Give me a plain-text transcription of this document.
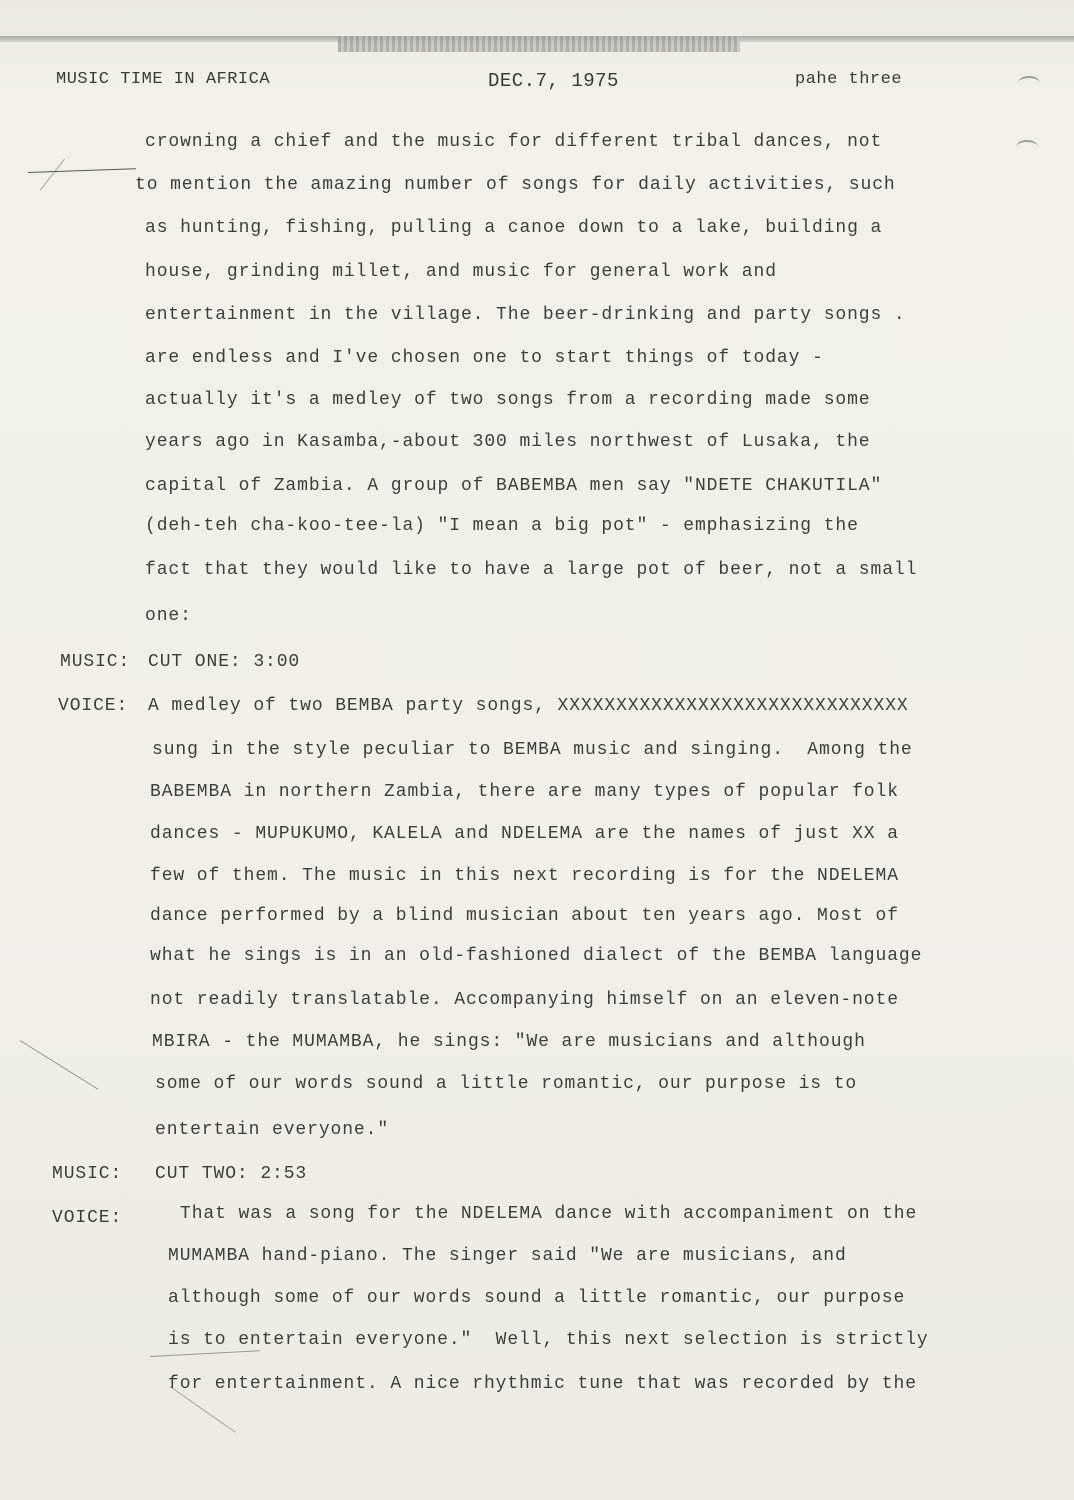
MUSIC TIME IN AFRICA	DEC.7, 1975	pahe three
crowning a chief and the music for different tribal dances, not
to mention the amazing number of songs for daily activities, such
as hunting, fishing, pulling a canoe down to a lake, building a
house, grinding millet, and music for general work and
entertainment in the village. The beer-drinking and party songs .
are endless and I've chosen one to start things of today -
actually it's a medley of two songs from a recording made some
years ago in Kasamba,-about 300 miles northwest of Lusaka, the
capital of Zambia. A group of BABEMBA men say "NDETE CHAKUTILA"
(deh-teh cha-koo-tee-la) "I mean a big pot" - emphasizing the
fact that they would like to have a large pot of beer, not a small
one:
MUSIC: CUT ONE: 3:00
VOICE: A medley of two BEMBA party songs, XXXXXXXXXXXXXXXXXXXXXXXXXXXXXX
sung in the style peculiar to BEMBA music and singing.  Among the
BABEMBA in northern Zambia, there are many types of popular folk
dances - MUPUKUMO, KALELA and NDELEMA are the names of just XX a
few of them. The music in this next recording is for the NDELEMA
dance performed by a blind musician about ten years ago. Most of
what he sings is in an old-fashioned dialect of the BEMBA language
not readily translatable. Accompanying himself on an eleven-note
MBIRA - the MUMAMBA, he sings: "We are musicians and although
some of our words sound a little romantic, our purpose is to
entertain everyone."
MUSIC: CUT TWO: 2:53
VOICE:	That was a song for the NDELEMA dance with accompaniment on the
MUMAMBA hand-piano. The singer said "We are musicians, and
although some of our words sound a little romantic, our purpose
is to entertain everyone."  Well, this next selection is strictly
for entertainment. A nice rhythmic tune that was recorded by the
